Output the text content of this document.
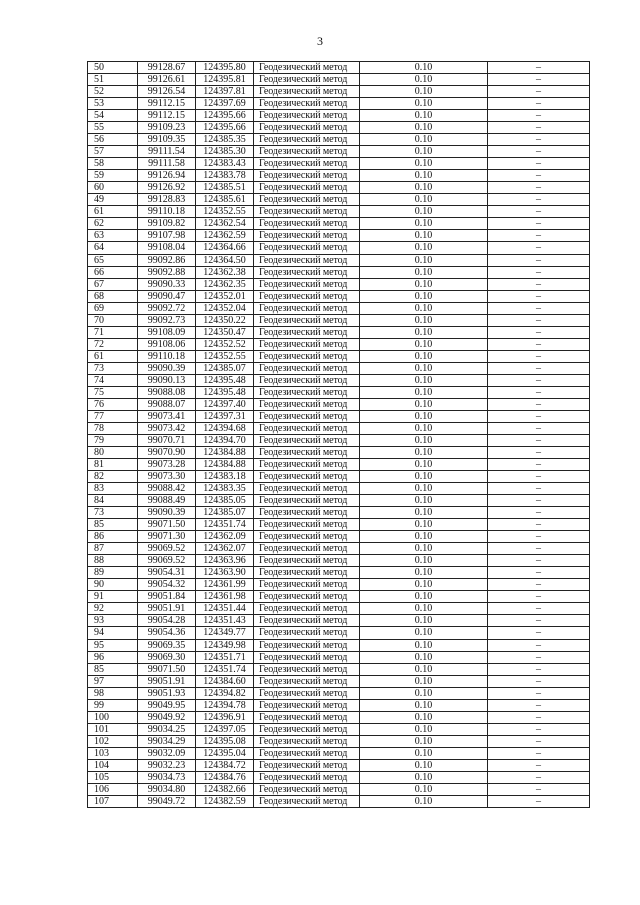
3
50	99128.67	124395.80	Геодезический метод	0.10	–
51	99126.61	124395.81	Геодезический метод	0.10	–
52	99126.54	124397.81	Геодезический метод	0.10	–
53	99112.15	124397.69	Геодезический метод	0.10	–
54	99112.15	124395.66	Геодезический метод	0.10	–
55	99109.23	124395.66	Геодезический метод	0.10	–
56	99109.35	124385.35	Геодезический метод	0.10	–
57	99111.54	124385.30	Геодезический метод	0.10	–
58	99111.58	124383.43	Геодезический метод	0.10	–
59	99126.94	124383.78	Геодезический метод	0.10	–
60	99126.92	124385.51	Геодезический метод	0.10	–
49	99128.83	124385.61	Геодезический метод	0.10	–
61	99110.18	124352.55	Геодезический метод	0.10	–
62	99109.82	124362.54	Геодезический метод	0.10	–
63	99107.98	124362.59	Геодезический метод	0.10	–
64	99108.04	124364.66	Геодезический метод	0.10	–
65	99092.86	124364.50	Геодезический метод	0.10	–
66	99092.88	124362.38	Геодезический метод	0.10	–
67	99090.33	124362.35	Геодезический метод	0.10	–
68	99090.47	124352.01	Геодезический метод	0.10	–
69	99092.72	124352.04	Геодезический метод	0.10	–
70	99092.73	124350.22	Геодезический метод	0.10	–
71	99108.09	124350.47	Геодезический метод	0.10	–
72	99108.06	124352.52	Геодезический метод	0.10	–
61	99110.18	124352.55	Геодезический метод	0.10	–
73	99090.39	124385.07	Геодезический метод	0.10	–
74	99090.13	124395.48	Геодезический метод	0.10	–
75	99088.08	124395.48	Геодезический метод	0.10	–
76	99088.07	124397.40	Геодезический метод	0.10	–
77	99073.41	124397.31	Геодезический метод	0.10	–
78	99073.42	124394.68	Геодезический метод	0.10	–
79	99070.71	124394.70	Геодезический метод	0.10	–
80	99070.90	124384.88	Геодезический метод	0.10	–
81	99073.28	124384.88	Геодезический метод	0.10	–
82	99073.30	124383.18	Геодезический метод	0.10	–
83	99088.42	124383.35	Геодезический метод	0.10	–
84	99088.49	124385.05	Геодезический метод	0.10	–
73	99090.39	124385.07	Геодезический метод	0.10	–
85	99071.50	124351.74	Геодезический метод	0.10	–
86	99071.30	124362.09	Геодезический метод	0.10	–
87	99069.52	124362.07	Геодезический метод	0.10	–
88	99069.52	124363.96	Геодезический метод	0.10	–
89	99054.31	124363.90	Геодезический метод	0.10	–
90	99054.32	124361.99	Геодезический метод	0.10	–
91	99051.84	124361.98	Геодезический метод	0.10	–
92	99051.91	124351.44	Геодезический метод	0.10	–
93	99054.28	124351.43	Геодезический метод	0.10	–
94	99054.36	124349.77	Геодезический метод	0.10	–
95	99069.35	124349.98	Геодезический метод	0.10	–
96	99069.30	124351.71	Геодезический метод	0.10	–
85	99071.50	124351.74	Геодезический метод	0.10	–
97	99051.91	124384.60	Геодезический метод	0.10	–
98	99051.93	124394.82	Геодезический метод	0.10	–
99	99049.95	124394.78	Геодезический метод	0.10	–
100	99049.92	124396.91	Геодезический метод	0.10	–
101	99034.25	124397.05	Геодезический метод	0.10	–
102	99034.29	124395.08	Геодезический метод	0.10	–
103	99032.09	124395.04	Геодезический метод	0.10	–
104	99032.23	124384.72	Геодезический метод	0.10	–
105	99034.73	124384.76	Геодезический метод	0.10	–
106	99034.80	124382.66	Геодезический метод	0.10	–
107	99049.72	124382.59	Геодезический метод	0.10	–
